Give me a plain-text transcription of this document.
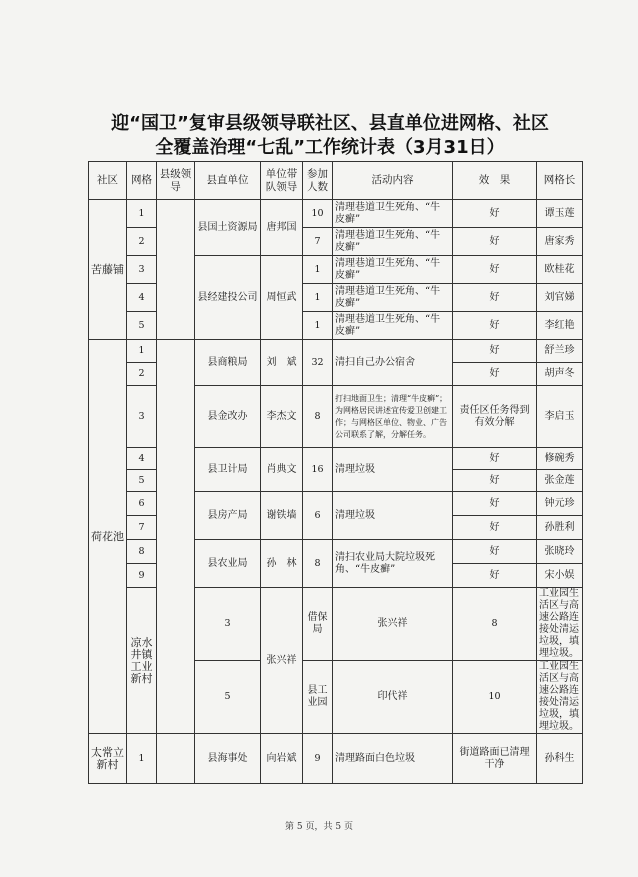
迎“国卫”复审县级领导联社区、县直单位进网格、社区
全覆盖治理“七乱”工作统计表（3月31日）
社区	网格	县级领导	县直单位	单位带队领导	参加人数	活动内容	效　果	网格长	
苦藤铺	1		县国土资源局	唐邦国	10	清理巷道卫生死角、“牛皮癣”	好	谭玉莲	
	2				7	清理巷道卫生死角、“牛皮癣”	好	唐家秀	
	3		县经建投公司	周恒武	1	清理巷道卫生死角、“牛皮癣”	好	欧桂花	
	4				1	清理巷道卫生死角、“牛皮癣”	好	刘官娣	
	5				1	清理巷道卫生死角、“牛皮癣”	好	李红艳	
荷花池	1		县商粮局	刘　斌	32	清扫自己办公宿舍	好	舒兰珍	
	2						好	胡声冬	
	3		县金改办	李杰文	8	打扫地面卫生；清理“牛皮癣”；为网格居民讲述宜传爱卫创建工作；与网格区单位、物业、广告公司联系了解，分解任务。	责任区任务得到有效分解	李启玉	
	4		县卫计局	肖典文	16	清理垃圾	好	修碗秀	
	5						好	张金莲	
	6		县房产局	谢铁墙	6	清理垃圾	好	钟元珍	
	7						好	孙胜利	
	8		县农业局	孙　林	8	清扫农业局大院垃圾死角、“牛皮癣”	好	张晓玲	
	9						好	宋小娱	
	凉水井镇工业新村		3	张兴祥	借保局	张兴祥	8	工业园生活区与高速公路连接处清运垃圾，填埋垃圾。		
			5		县工业园	印代祥	10	工业园生活区与高速公路连接处清运垃圾，填埋垃圾。		
太常立新村	1		县海事处	向岩斌	9	清理路面白色垃圾	街道路面已清理干净	孙科生	
第 5 页，共 5 页
